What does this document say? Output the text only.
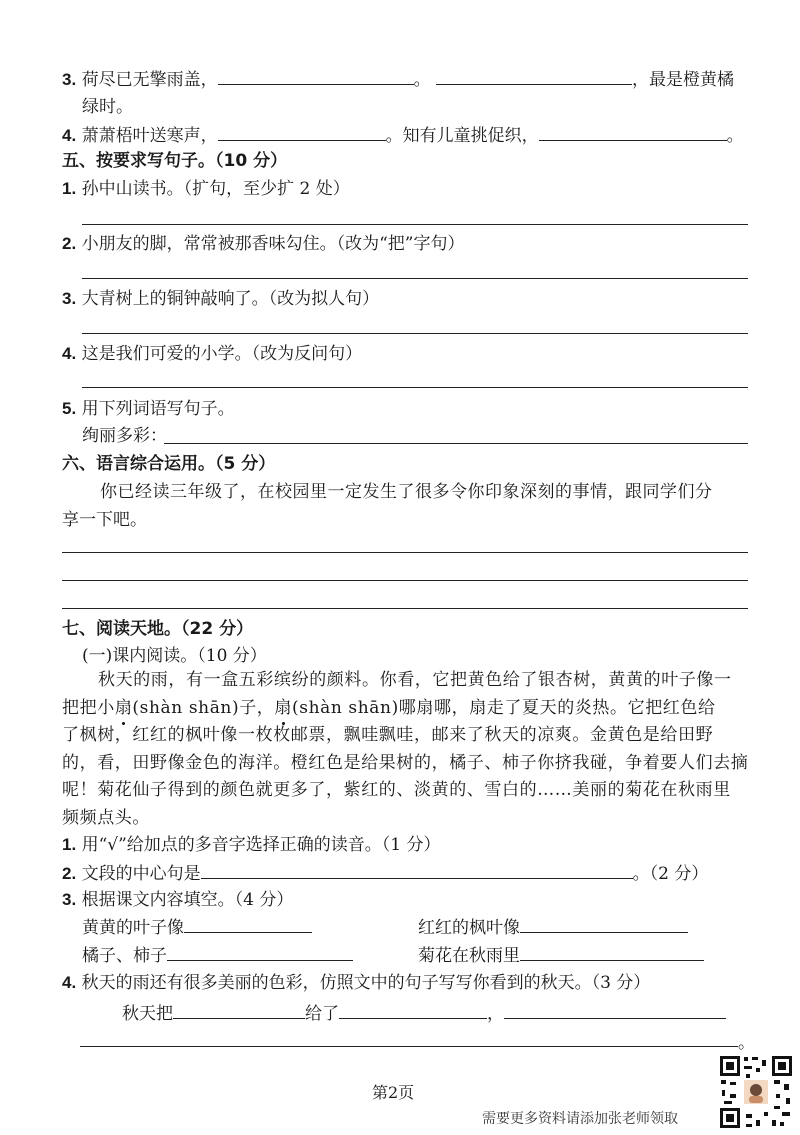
3. 荷尽已无擎雨盖，	。	，最是橙黄橘
绿时。
4. 萧萧梧叶送寒声，	。知有儿童挑促织，	。
五、按要求写句子。（10 分）
1. 孙中山读书。（扩句，至少扩 2 处）
2. 小朋友的脚，常常被那香味勾住。（改为“把”字句）
3. 大青树上的铜钟敲响了。（改为拟人句）
4. 这是我们可爱的小学。（改为反问句）
5. 用下列词语写句子。
绚丽多彩：
六、语言综合运用。（5 分）
你已经读三年级了，在校园里一定发生了很多令你印象深刻的事情，跟同学们分
享一下吧。
七、阅读天地。（22 分）
(一)课内阅读。（10 分）
秋天的雨，有一盒五彩缤纷的颜料。你看，它把黄色给了银杏树，黄黄的叶子像一
把把小扇(shàn shān)子，扇(shàn shān)哪扇哪，扇走了夏天的炎热。它把红色给
了枫树，红红的枫叶像一枚枚邮票，飘哇飘哇，邮来了秋天的凉爽。金黄色是给田野
的，看，田野像金色的海洋。橙红色是给果树的，橘子、柿子你挤我碰，争着要人们去摘
呢！菊花仙子得到的颜色就更多了，紫红的、淡黄的、雪白的……美丽的菊花在秋雨里
频频点头。
1. 用“√”给加点的多音字选择正确的读音。（1 分）
2. 文段的中心句是	。（2 分）
3. 根据课文内容填空。（4 分）
黄黄的叶子像	红红的枫叶像
橘子、柿子	菊花在秋雨里
4. 秋天的雨还有很多美丽的色彩，仿照文中的句子写写你看到的秋天。（3 分）
秋天把	给了	，
。
第2页
需要更多资料请添加张老师领取
